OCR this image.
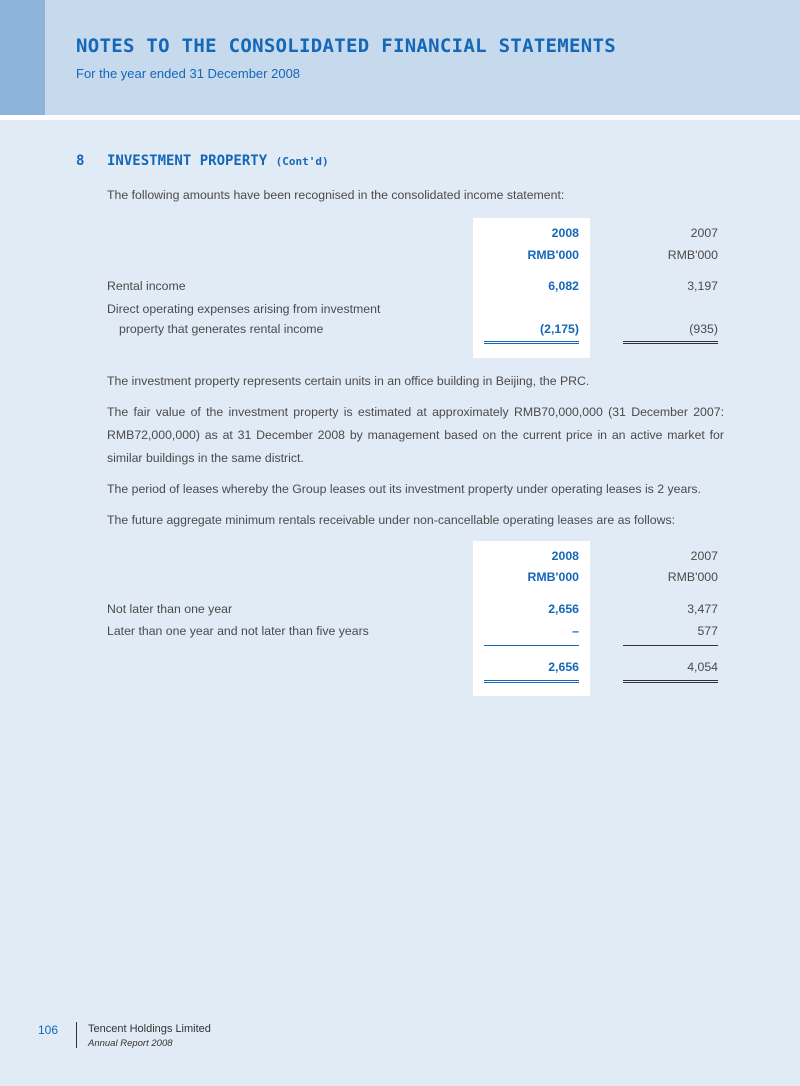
NOTES TO THE CONSOLIDATED FINANCIAL STATEMENTS
For the year ended 31 December 2008
8 INVESTMENT PROPERTY (Cont'd)
The following amounts have been recognised in the consolidated income statement:
2008	2007
RMB'000	RMB'000
Rental income	6,082	3,197
Direct operating expenses arising from investment
property that generates rental income	(2,175)	(935)
The investment property represents certain units in an office building in Beijing, the PRC.
The fair value of the investment property is estimated at approximately RMB70,000,000 (31 December 2007: RMB72,000,000) as at 31 December 2008 by management based on the current price in an active market for similar buildings in the same district.
The period of leases whereby the Group leases out its investment property under operating leases is 2 years.
The future aggregate minimum rentals receivable under non-cancellable operating leases are as follows:
2008	2007
RMB'000	RMB'000
Not later than one year	2,656	3,477
Later than one year and not later than five years	–	577
2,656	4,054
106	Tencent Holdings Limited
Annual Report 2008
